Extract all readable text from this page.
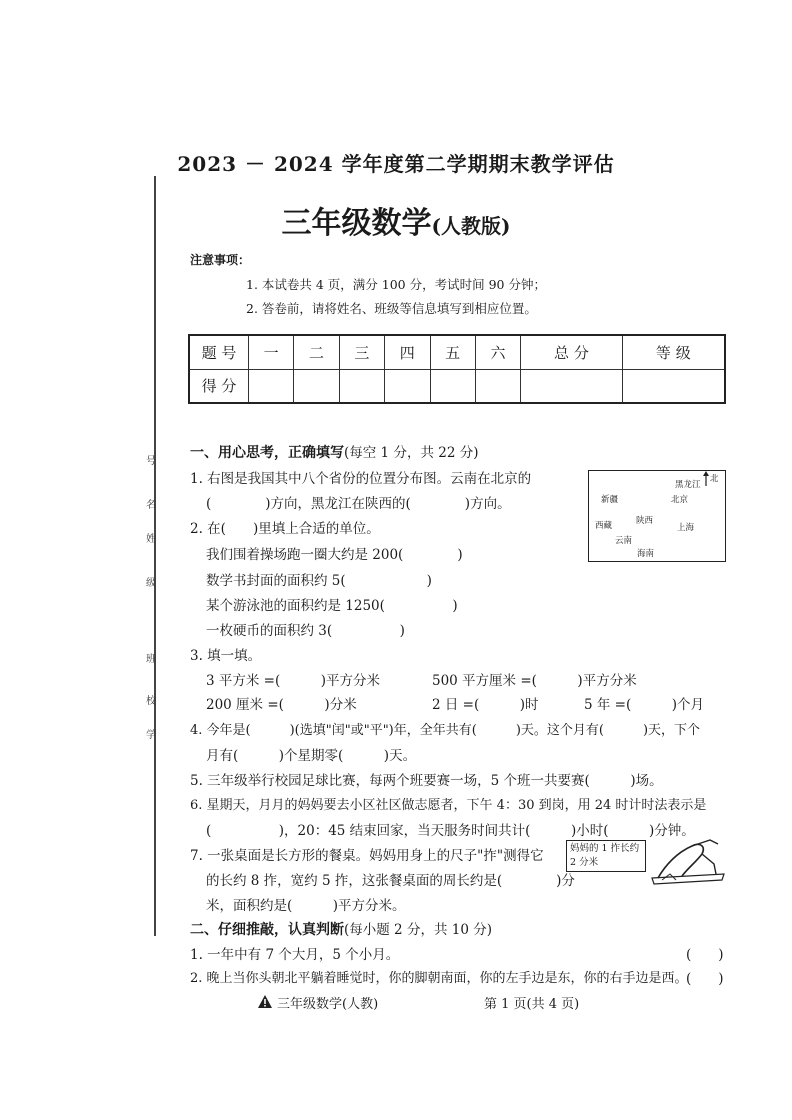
2023 － 2024 学年度第二学期期末教学评估
三年级数学(人教版)
注意事项：
1. 本试卷共 4 页，满分 100 分，考试时间 90 分钟；
2. 答卷前，请将姓名、班级等信息填写到相应位置。
题 号	一	二	三	四	五	六	总 分	等 级
得 分								
号
名
姓
级
班
校
学
一、用心思考，正确填写(每空 1 分，共 22 分)
1. 右图是我国其中八个省份的位置分布图。云南在北京的
(　　　　)方向，黑龙江在陕西的(　　　　)方向。
黑龙江
北京
新疆
陕西
上海
西藏
云南
海南
北
2. 在(　　)里填上合适的单位。
我们围着操场跑一圈大约是 200(　　　　)
数学书封面的面积约 5(　　　　　　)
某个游泳池的面积约是 1250(　　　　　)
一枚硬币的面积约 3(　　　　　)
3. 填一填。
3 平方米 =(　　　)平方分米	500 平方厘米 =(　　　)平方分米
200 厘米 =(　　　)分米	2 日 =(　　　)时	5 年 =(　　　)个月
4. 今年是(　　　)(选填"闰"或"平")年，全年共有(　　　)天。这个月有(　　　)天，下个
月有(　　　)个星期零(　　　)天。
5. 三年级举行校园足球比赛，每两个班要赛一场，5 个班一共要赛(　　　)场。
6. 星期天，月月的妈妈要去小区社区做志愿者，下午 4：30 到岗，用 24 时计时法表示是
(　　　　　)，20：45 结束回家，当天服务时间共计(　　　)小时(　　　)分钟。
7. 一张桌面是长方形的餐桌。妈妈用身上的尺子"拃"测得它
的长约 8 拃，宽约 5 拃，这张餐桌面的周长约是(　　　　)分
米，面积约是(　　　)平方分米。
妈妈的 1 拃长约 2 分米
二、仔细推敲，认真判断(每小题 2 分，共 10 分)
1. 一年中有 7 个大月，5 个小月。	(　　)
2. 晚上当你头朝北平躺着睡觉时，你的脚朝南面，你的左手边是东，你的右手边是西。
(　　)
三年级数学(人教)	第 1 页(共 4 页)
